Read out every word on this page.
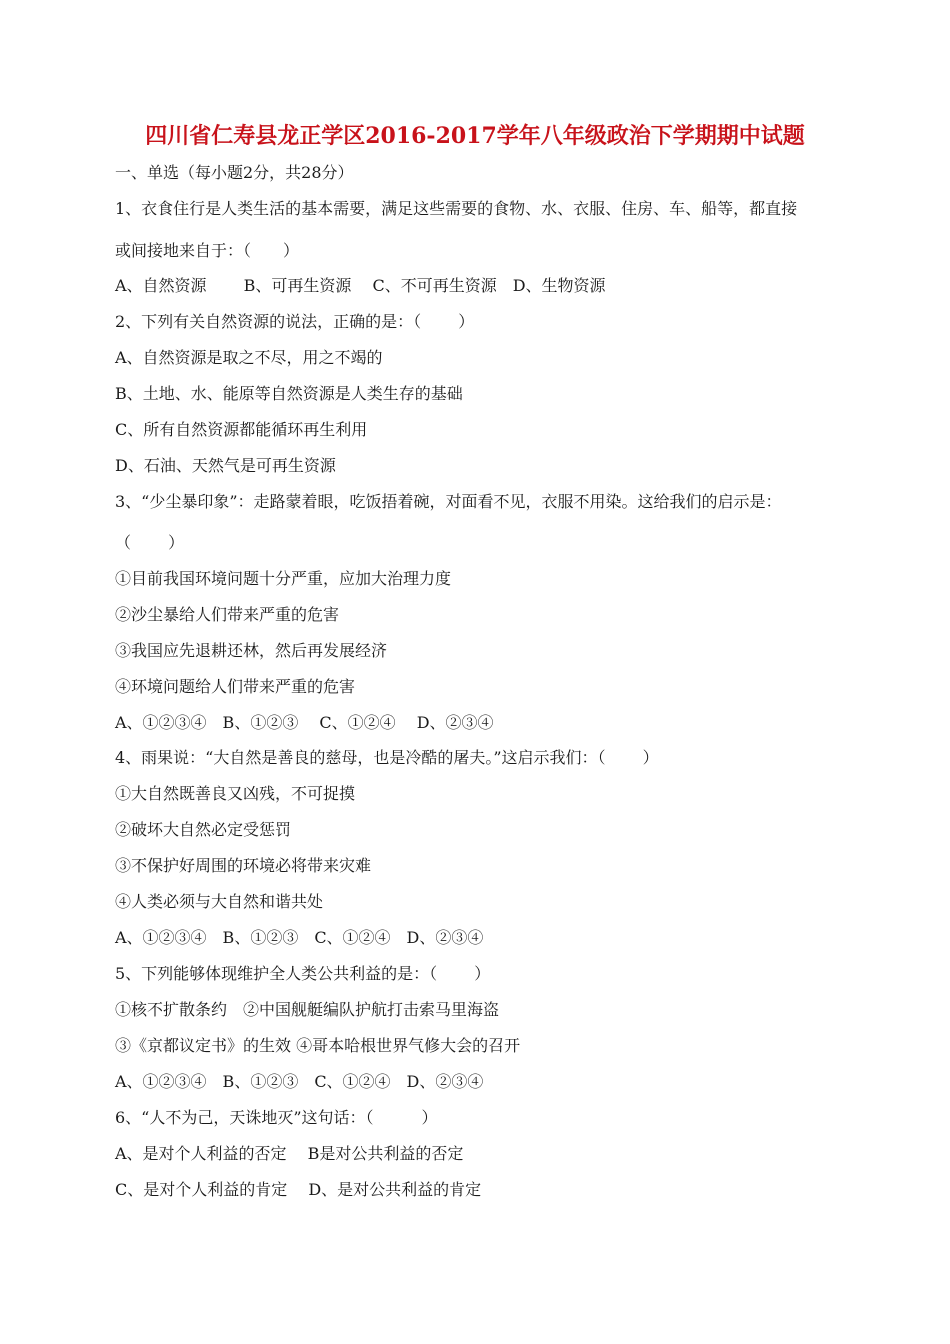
四川省仁寿县龙正学区2016-2017学年八年级政治下学期期中试题
一、单选（每小题2分，共28分）
1、衣食住行是人类生活的基本需要，满足这些需要的食物、水、衣服、住房、车、船等，都直接
或间接地来自于：（　　）
A、自然资源　　 B、可再生资源　 C、不可再生资源　D、生物资源
2、下列有关自然资源的说法，正确的是：（　　 ）
A、自然资源是取之不尽，用之不竭的
B、土地、水、能原等自然资源是人类生存的基础
C、所有自然资源都能循环再生利用
D、石油、天然气是可再生资源
3、“少尘暴印象”：走路蒙着眼，吃饭捂着碗，对面看不见，衣服不用染。这给我们的启示是：
（　　 ）
①目前我国环境问题十分严重，应加大治理力度
②沙尘暴给人们带来严重的危害
③我国应先退耕还林，然后再发展经济
④环境问题给人们带来严重的危害
A、①②③④　B、①②③　 C、①②④　 D、②③④
4、雨果说：“大自然是善良的慈母，也是冷酷的屠夫。”这启示我们：（　　 ）
①大自然既善良又凶残，不可捉摸
②破坏大自然必定受惩罚
③不保护好周围的环境必将带来灾难
④人类必须与大自然和谐共处
A、①②③④　B、①②③　C、①②④　D、②③④
5、下列能够体现维护全人类公共利益的是：（　　 ）
①核不扩散条约　②中国舰艇编队护航打击索马里海盗
③《京都议定书》的生效 ④哥本哈根世界气修大会的召开
A、①②③④　B、①②③　C、①②④　D、②③④
6、“人不为己，天诛地灭”这句话：（　　　）
A、是对个人利益的否定　 B是对公共利益的否定
C、是对个人利益的肯定　 D、是对公共利益的肯定
